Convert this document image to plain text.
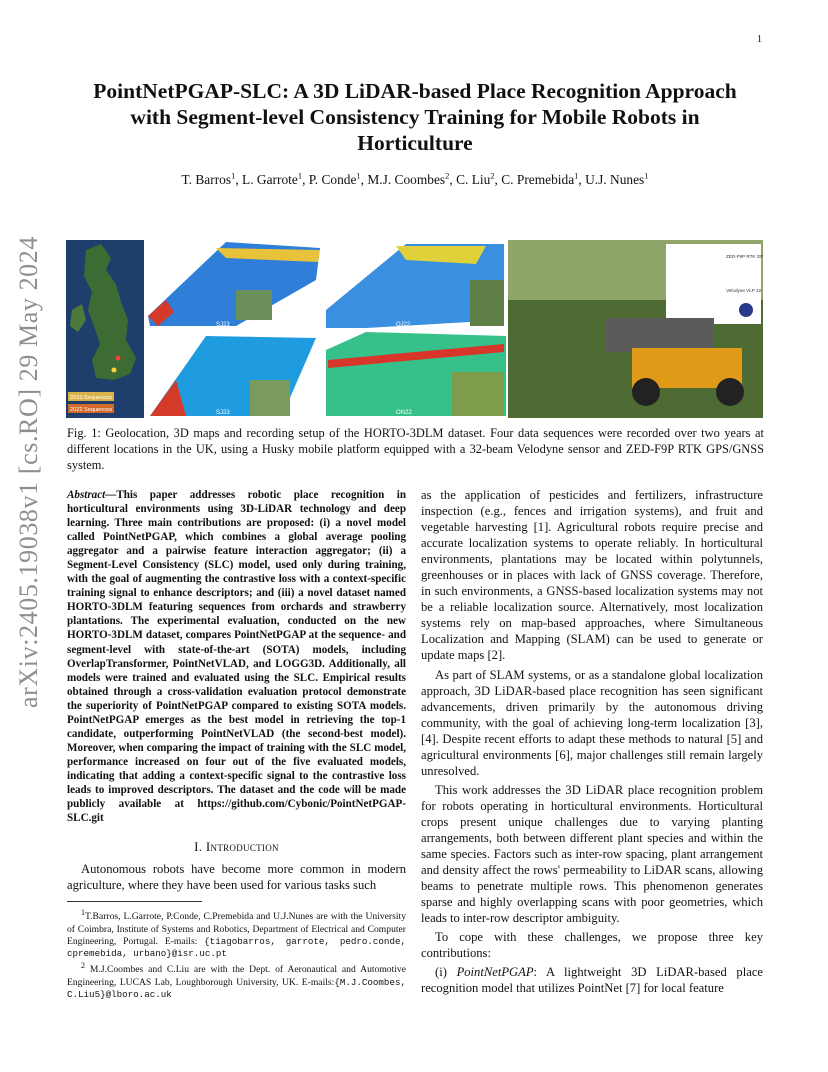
1
arXiv:2405.19038v1 [cs.RO] 29 May 2024
PointNetPGAP-SLC: A 3D LiDAR-based Place Recognition Approach with Segment-level Consistency Training for Mobile Robots in Horticulture
T. Barros$^1$, L. Garrote$^1$, P. Conde$^1$, M.J. Coombes$^2$, C. Liu$^2$, C. Premebida$^1$, U.J. Nunes$^1$
2023 Sequences
2022 Sequences
SJ23	OJ22
SJ23	ON22
ZED-F9P RTK GPS
Velodyne VLP 32
Fig. 1: Geolocation, 3D maps and recording setup of the HORTO-3DLM dataset. Four data sequences were recorded over two years at different locations in the UK, using a Husky mobile platform equipped with a 32-beam Velodyne sensor and ZED-F9P RTK GPS/GNSS system.

Abstract—This paper addresses robotic place recognition in horticultural environments using 3D-LiDAR technology and deep learning. Three main contributions are proposed: (i) a novel model called PointNetPGAP, which combines a global average pooling aggregator and a pairwise feature interaction aggregator; (ii) a Segment-Level Consistency (SLC) model, used only during training, with the goal of augmenting the contrastive loss with a context-specific training signal to enhance descriptors; and (iii) a novel dataset named HORTO-3DLM featuring sequences from orchards and strawberry plantations. The experimental evaluation, conducted on the new HORTO-3DLM dataset, compares PointNetPGAP at the sequence- and segment-level with state-of-the-art (SOTA) models, including OverlapTransformer, PointNetVLAD, and LOGG3D. Additionally, all models were trained and evaluated using the SLC. Empirical results obtained through a cross-validation evaluation protocol demonstrate the superiority of PointNetPGAP compared to existing SOTA models. PointNetPGAP emerges as the best model in retrieving the top-1 candidate, outperforming PointNetVLAD (the second-best model). Moreover, when comparing the impact of training with the SLC model, performance increased on four out of the five evaluated models, indicating that adding a context-specific signal to the contrastive loss leads to improved descriptors. The dataset and the code will be made publicly available at https://github.com/Cybonic/PointNetPGAP-SLC.git

I. Introduction

Autonomous robots have become more common in modern agriculture, where they have been used for various tasks such

$^1$T.Barros, L.Garrote, P.Conde, C.Premebida and U.J.Nunes are with the University of Coimbra, Institute of Systems and Robotics, Department of Electrical and Computer Engineering, Portugal. E-mails: {tiagobarros, garrote, pedro.conde, cpremebida, urbano}@isr.uc.pt

$^2$ M.J.Coombes and C.Liu are with the Dept. of Aeronautical and Automotive Engineering, LUCAS Lab, Loughborough University, UK. E-mails:{M.J.Coombes, C.Liu5}@lboro.ac.uk

as the application of pesticides and fertilizers, infrastructure inspection (e.g., fences and irrigation systems), and fruit and vegetable harvesting [1]. Agricultural robots require precise and accurate localization systems to operate reliably. In horticultural environments, plantations may be located within polytunnels, greenhouses or in places with lack of GNSS coverage. Therefore, in such environments, a GNSS-based localization systems may not be a reliable localization source. Alternatively, most localization systems rely on map-based approaches, where Simultaneous Localization and Mapping (SLAM) can be used to generate or update maps [2].

As part of SLAM systems, or as a standalone global localization approach, 3D LiDAR-based place recognition has seen significant advancements, driven primarily by the autonomous driving community, with the goal of achieving long-term localization [3], [4]. Despite recent efforts to adapt these methods to natural [5] and agricultural environments [6], major challenges still remain largely unresolved.

This work addresses the 3D LiDAR place recognition problem for robots operating in horticultural environments. Horticultural crops present unique challenges due to varying planting arrangements, both between different plant species and within the same species. Factors such as inter-row spacing, plant arrangement and density affect the rows' permeability to LiDAR scans, allowing beams to penetrate multiple rows. This phenomenon generates sparse and highly overlapping scans with poor geometries, which leads to inter-row descriptor ambiguity.

To cope with these challenges, we propose three key contributions:

(i) PointNetPGAP: A lightweight 3D LiDAR-based place recognition model that utilizes PointNet [7] for local feature
